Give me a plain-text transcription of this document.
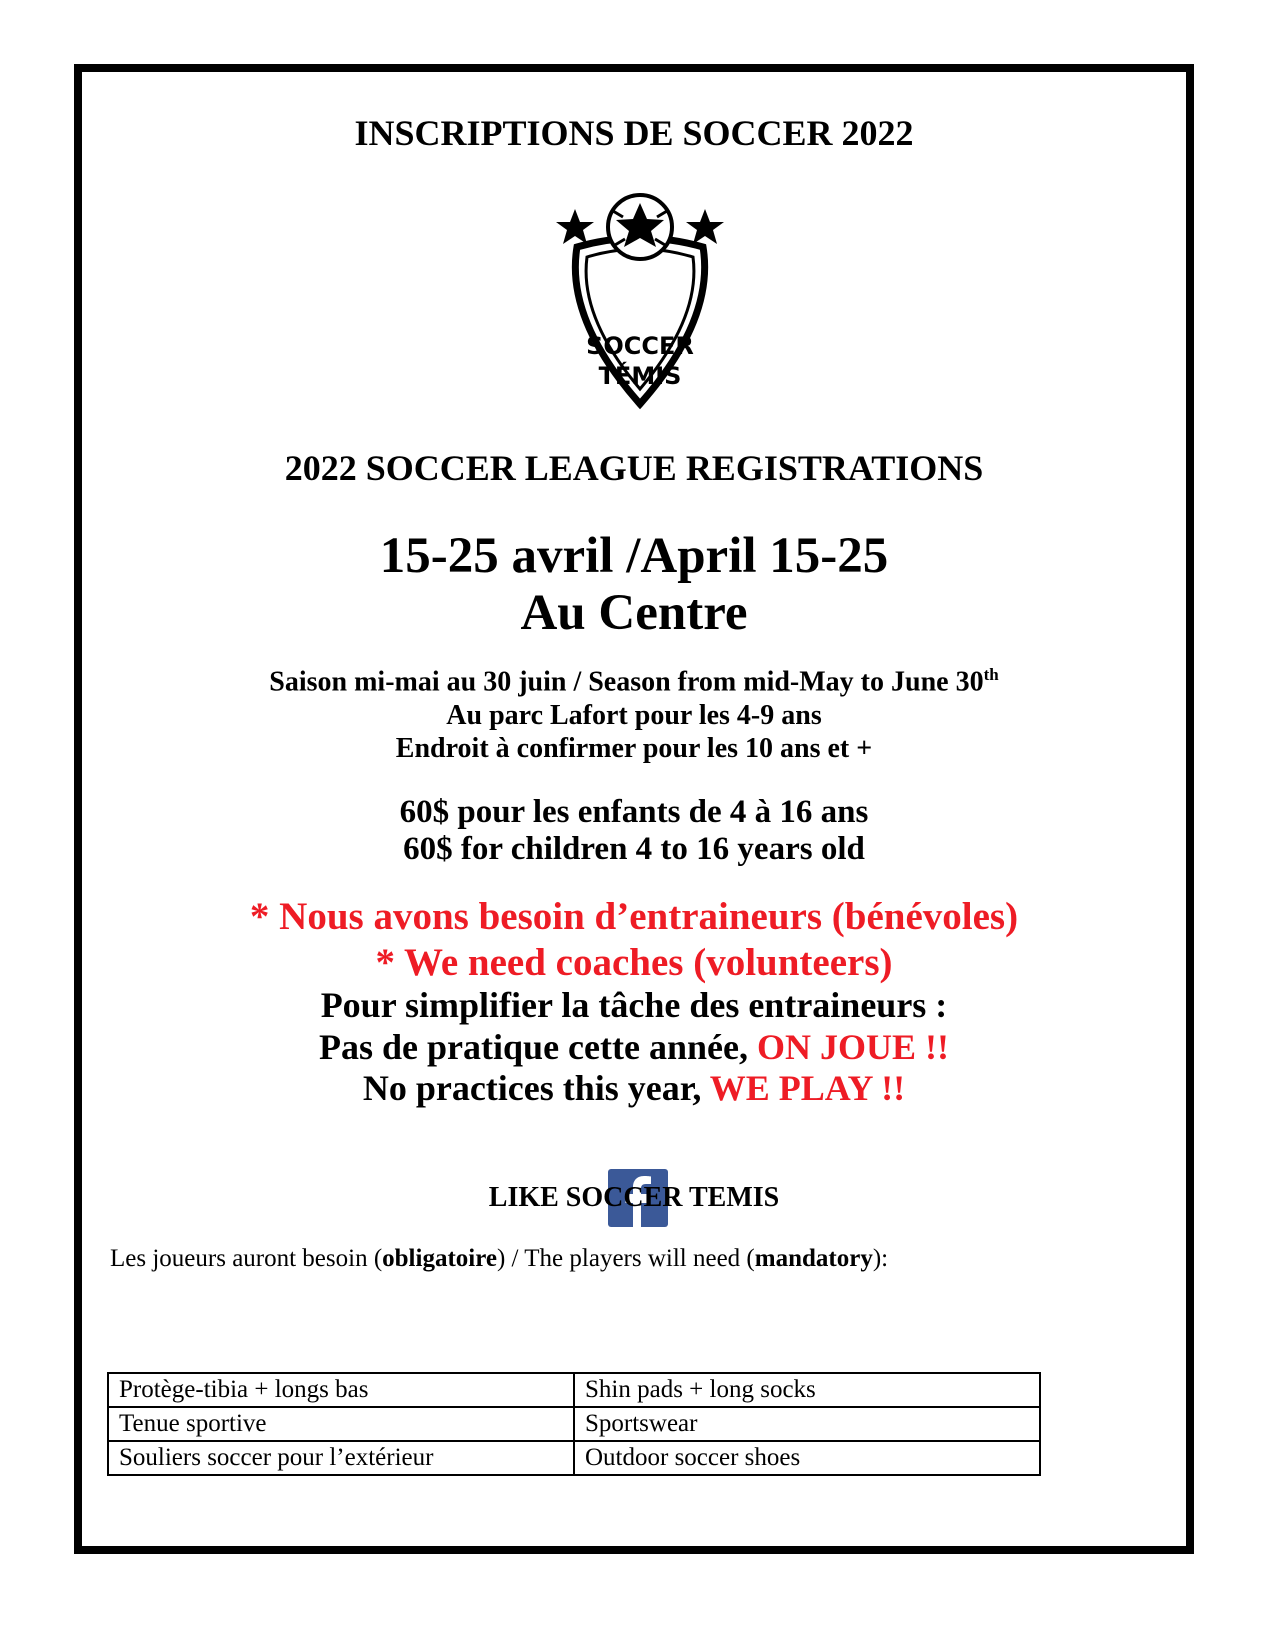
INSCRIPTIONS DE SOCCER 2022
SOCCER
TÉMIS
2022 SOCCER LEAGUE REGISTRATIONS
15-25 avril /April 15-25
Au Centre
Saison mi-mai au 30 juin / Season from mid-May to June 30th
Au parc Lafort pour les 4-9 ans
Endroit à confirmer pour les 10 ans et +
60$ pour les enfants de 4 à 16 ans
60$ for children 4 to 16 years old
* Nous avons besoin d’entraineurs (bénévoles)
* We need coaches (volunteers)
Pour simplifier la tâche des entraineurs :
Pas de pratique cette année, ON JOUE !!
No practices this year, WE PLAY !!
LIKE SOCCER TEMIS
Les joueurs auront besoin (obligatoire) / The players will need (mandatory):
Protège-tibia + longs bas	Shin pads + long socks
Tenue sportive	Sportswear
Souliers soccer pour l’extérieur	Outdoor soccer shoes
